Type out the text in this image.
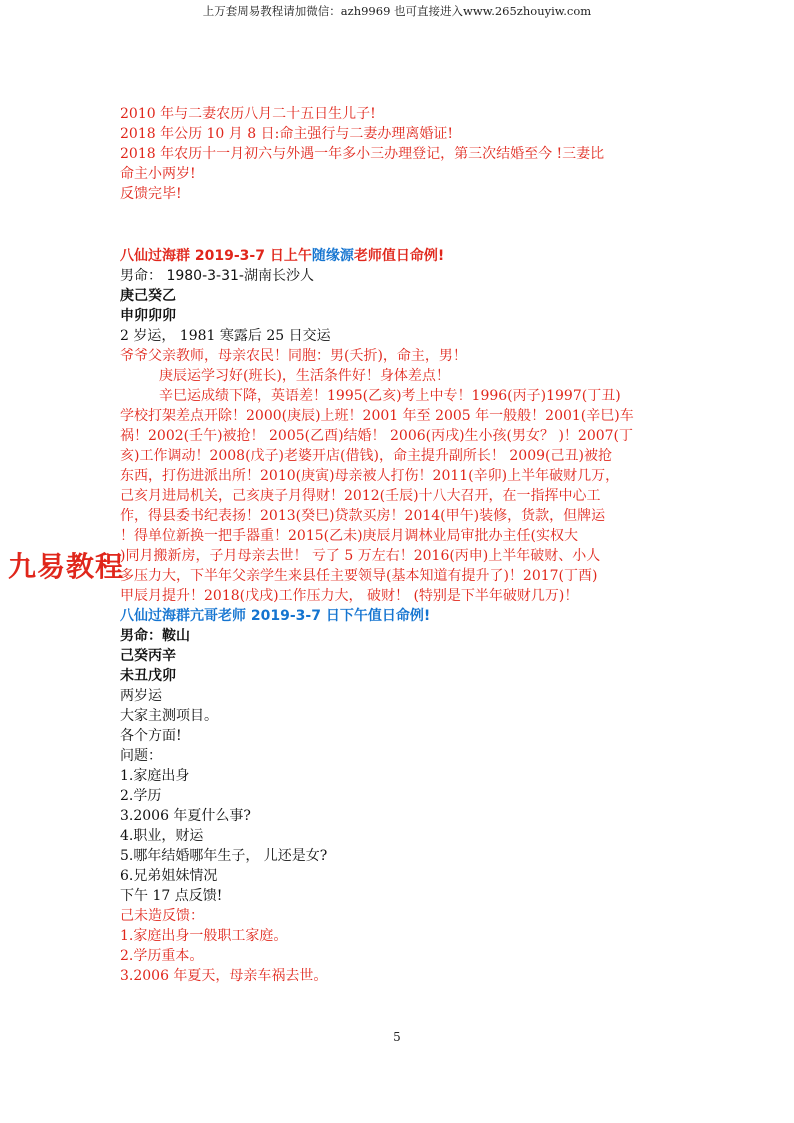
上万套周易教程请加微信：azh9969 也可直接进入www.265zhouyiw.com
九易教程
2010 年与二妻农历八月二十五日生儿子!
2018 年公历 10 月 8 日:命主强行与二妻办理离婚证!
2018 年农历十一月初六与外遇一年多小三办理登记，第三次结婚至今 !三妻比
命主小两岁!
反馈完毕!
八仙过海群 2019-3-7 日上午随缘源老师值日命例!
男命： 1980-3-31-湖南长沙人
庚己癸乙
申卯卯卯
2 岁运， 1981 寒露后 25 日交运
爷爷父亲教师，母亲农民！同胞：男(夭折)，命主，男！
庚辰运学习好(班长)，生活条件好！身体差点！
辛巳运成绩下降，英语差！1995(乙亥)考上中专！1996(丙子)1997(丁丑)
学校打架差点开除！2000(庚辰)上班！2001 年至 2005 年一般般！2001(辛巳)车
祸！2002(壬午)被抢！ 2005(乙酉)结婚！ 2006(丙戌)生小孩(男女？ )！2007(丁
亥)工作调动！2008(戊子)老婆开店(借钱)，命主提升副所长！ 2009(己丑)被抢
东西，打伤进派出所！2010(庚寅)母亲被人打伤！2011(辛卯)上半年破财几万，
己亥月进局机关，己亥庚子月得财！2012(壬辰)十八大召开，在一指挥中心工
作，得县委书纪表扬！2013(癸巳)贷款买房！2014(甲午)装修，货款，但牌运
！得单位新换一把手器重！2015(乙未)庚辰月调林业局审批办主任(实权大
)同月搬新房，子月母亲去世！ 亏了 5 万左右！2016(丙申)上半年破财、小人
多压力大，下半年父亲学生来县任主要领导(基本知道有提升了)！2017(丁酉)
甲辰月提升！2018(戊戌)工作压力大， 破财！ (特别是下半年破财几万)！
八仙过海群亢哥老师 2019-3-7 日下午值日命例!
男命：鞍山
己癸丙辛
未丑戊卯
两岁运
大家主测项目。
各个方面!
问题：
1.家庭出身
2.学历
3.2006 年夏什么事?
4.职业，财运
5.哪年结婚哪年生子， 儿还是女?
6.兄弟姐妹情况
下午 17 点反馈!
己未造反馈：
1.家庭出身一般职工家庭。
2.学历重本。
3.2006 年夏天，母亲车祸去世。
5
